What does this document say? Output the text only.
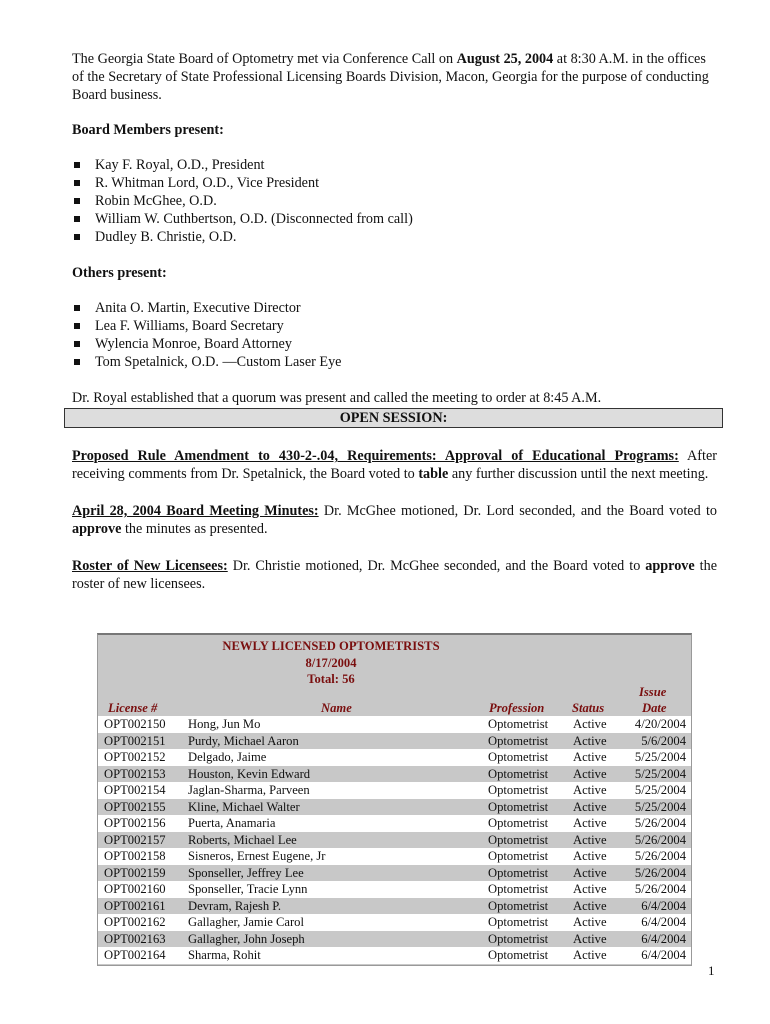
The Georgia State Board of Optometry met via Conference Call on August 25, 2004 at 8:30 A.M. in the offices of the Secretary of State Professional Licensing Boards Division, Macon, Georgia for the purpose of conducting Board business.

Board Members present:

Kay F. Royal, O.D., President
R. Whitman Lord, O.D., Vice President
Robin McGhee, O.D.
William W. Cuthbertson, O.D. (Disconnected from call)
Dudley B. Christie, O.D.

Others present:

Anita O. Martin, Executive Director
Lea F. Williams, Board Secretary
Wylencia Monroe, Board Attorney
Tom Spetalnick, O.D. —Custom Laser Eye

Dr. Royal established that a quorum was present and called the meeting to order at 8:45 A.M.

OPEN SESSION:

Proposed Rule Amendment to 430-2-.04, Requirements: Approval of Educational Programs: After receiving comments from Dr. Spetalnick, the Board voted to table any further discussion until the next meeting.

April 28, 2004 Board Meeting Minutes: Dr. McGhee motioned, Dr. Lord seconded, and the Board voted to approve the minutes as presented.

Roster of New Licensees: Dr. Christie motioned, Dr. McGhee seconded, and the Board voted to approve the roster of new licensees.

NEWLY LICENSED OPTOMETRISTS
8/17/2004
Total: 56
License #	Name	Profession Status
Issue
Date
OPT002150 Hong, Jun Mo	Optometrist Active 4/20/2004
OPT002151 Purdy, Michael Aaron	Optometrist Active	5/6/2004
OPT002152 Delgado, Jaime	Optometrist Active 5/25/2004
OPT002153 Houston, Kevin Edward	Optometrist Active 5/25/2004
OPT002154 Jaglan-Sharma, Parveen	Optometrist Active 5/25/2004
OPT002155 Kline, Michael Walter	Optometrist Active 5/25/2004
OPT002156 Puerta, Anamaria	Optometrist Active 5/26/2004
OPT002157 Roberts, Michael Lee	Optometrist Active 5/26/2004
OPT002158 Sisneros, Ernest Eugene, Jr	Optometrist Active 5/26/2004
OPT002159 Sponseller, Jeffrey Lee	Optometrist Active 5/26/2004
OPT002160 Sponseller, Tracie Lynn	Optometrist Active 5/26/2004
OPT002161 Devram, Rajesh P.	Optometrist Active	6/4/2004
OPT002162 Gallagher, Jamie Carol	Optometrist Active	6/4/2004
OPT002163 Gallagher, John Joseph	Optometrist Active	6/4/2004
OPT002164 Sharma, Rohit	Optometrist Active	6/4/2004
1
